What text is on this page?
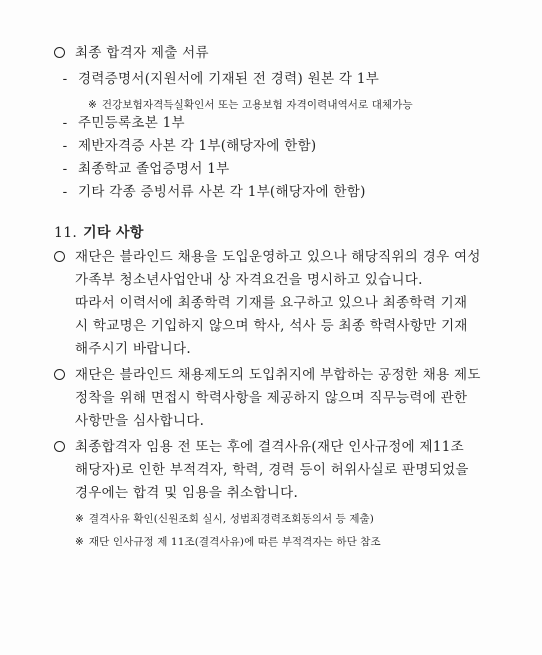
최종 합격자 제출 서류
- 경력증명서(지원서에 기재된 전 경력) 원본 각 1부
※ 건강보험자격득실확인서 또는 고용보험 자격이력내역서로 대체가능
- 주민등록초본 1부
- 제반자격증 사본 각 1부(해당자에 한함)
- 최종학교 졸업증명서 1부
- 기타 각종 증빙서류 사본 각 1부(해당자에 한함)
11. 기타 사항
재단은 블라인드 채용을 도입운영하고 있으나 해당직위의 경우 여성
가족부 청소년사업안내 상 자격요건을 명시하고 있습니다.
따라서 이력서에 최종학력 기재를 요구하고 있으나 최종학력 기재
시 학교명은 기입하지 않으며 학사, 석사 등 최종 학력사항만 기재
해주시기 바랍니다.
재단은 블라인드 채용제도의 도입취지에 부합하는 공정한 채용 제도
정착을 위해 면접시 학력사항을 제공하지 않으며 직무능력에 관한
사항만을 심사합니다.
최종합격자 임용 전 또는 후에 결격사유(재단 인사규정에 제11조
해당자)로 인한 부적격자, 학력, 경력 등이 허위사실로 판명되었을
경우에는 합격 및 임용을 취소합니다.
※ 결격사유 확인(신원조회 실시, 성범죄경력조회동의서 등 제출)
※ 재단 인사규정 제 11조(결격사유)에 따른 부적격자는 하단 참조
